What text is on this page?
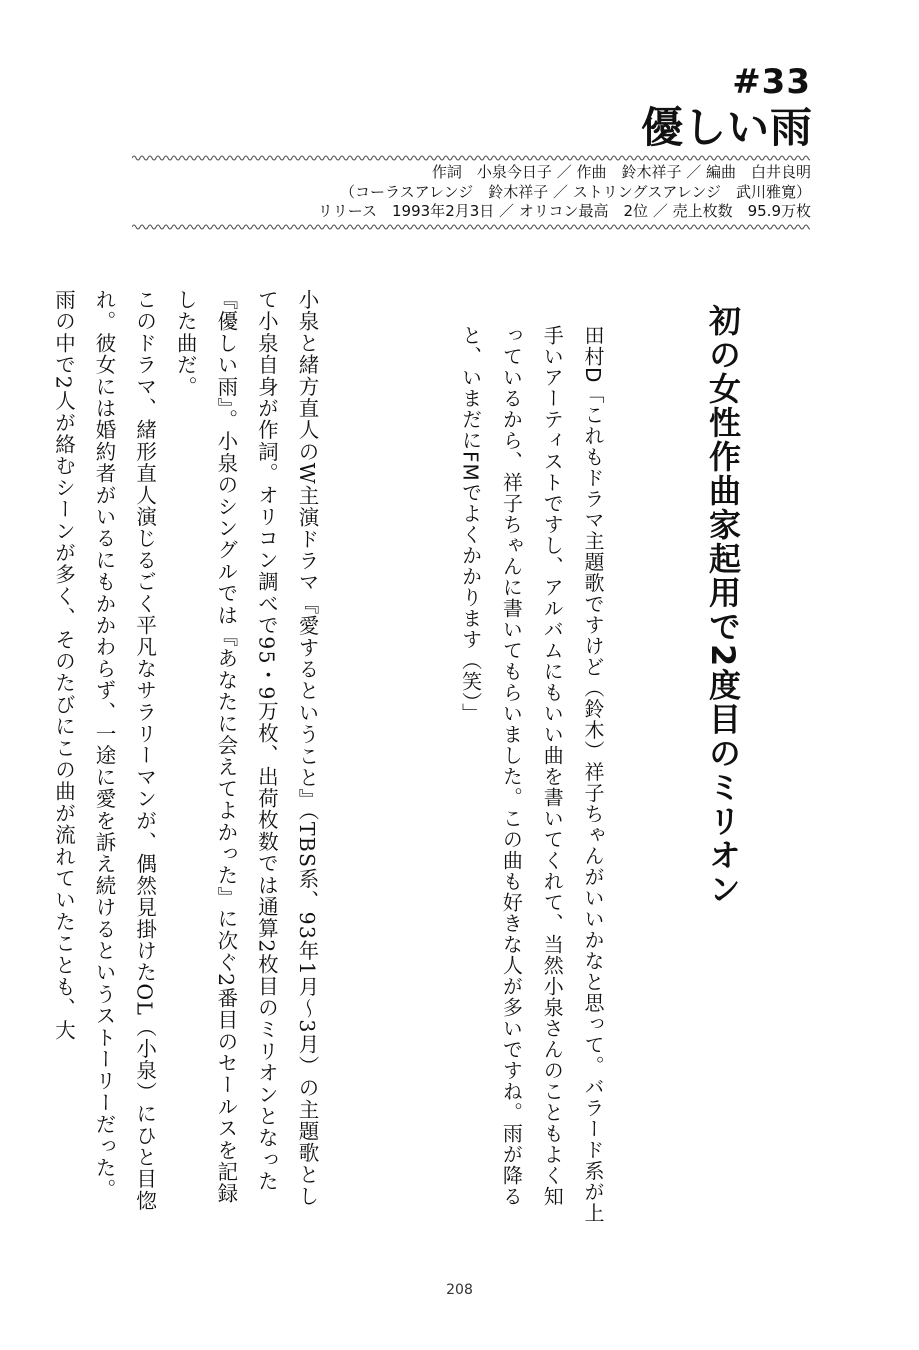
#33
優しい雨
作詞　小泉今日子 ／ 作曲　鈴木祥子 ／ 編曲　白井良明
（コーラスアレンジ　鈴木祥子 ／ ストリングスアレンジ　武川雅寛）
リリース　1993年2月3日 ／ オリコン最高　2位 ／ 売上枚数　95.9万枚
初の女性作曲家起用で2度目のミリオン
田村D「これもドラマ主題歌ですけど（鈴木）祥子ちゃんがいいかなと思って。バラード系が上手いアーティストですし、アルバムにもいい曲を書いてくれて、当然小泉さんのこともよく知っているから、祥子ちゃんに書いてもらいました。この曲も好きな人が多いですね。雨が降ると、いまだにFMでよくかかります（笑）」
小泉と緒方直人のW主演ドラマ『愛するということ』（TBS系、93年1月〜3月）の主題歌として小泉自身が作詞。オリコン調べで95・9万枚、出荷枚数では通算2枚目のミリオンとなった『優しい雨』。小泉のシングルでは『あなたに会えてよかった』に次ぐ2番目のセールスを記録した曲だ。
このドラマ、緒形直人演じるごく平凡なサラリーマンが、偶然見掛けたOL（小泉）にひと目惚れ。彼女には婚約者がいるにもかかわらず、一途に愛を訴え続けるというストーリーだった。雨の中で2人が絡むシーンが多く、そのたびにこの曲が流れていたことも、大
208
